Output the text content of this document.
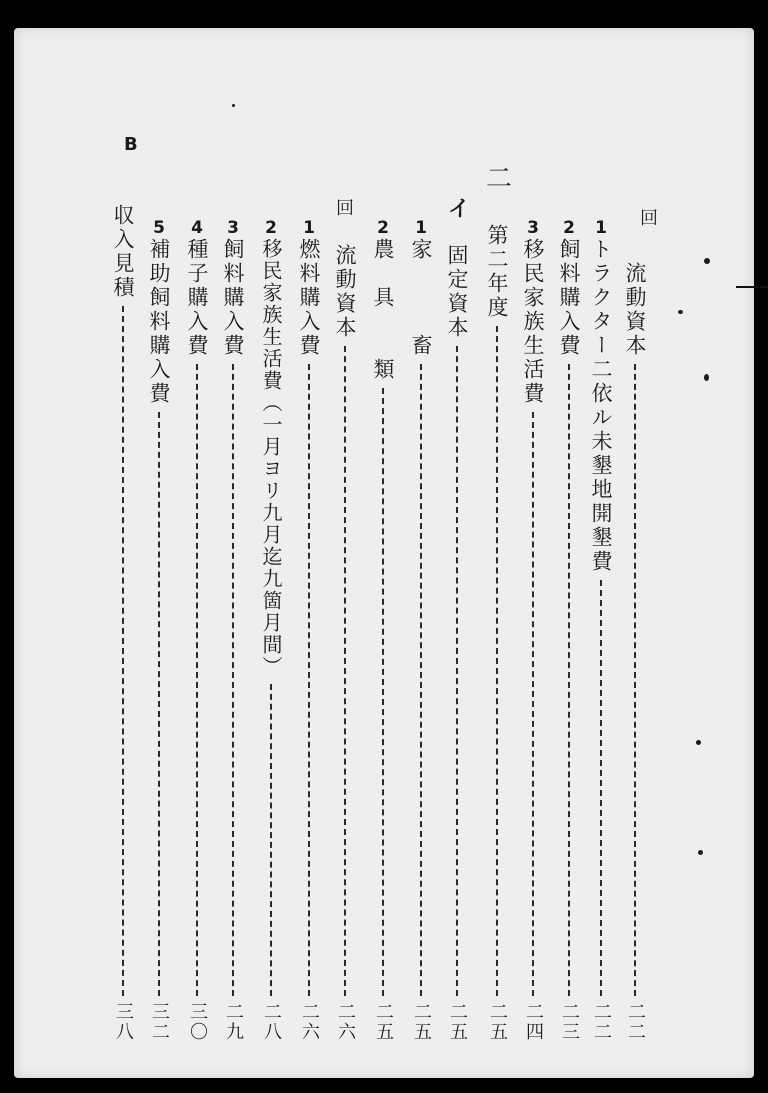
B
回
二
イ
回
流動資本
二二
1
トラクター二依ル未墾地開墾費
二二
2
飼料購入費
二三
3
移民家族生活費
二四
第二年度
二五
固定資本
二五
1
家　　　畜
二五
2
農　具　　類
二五
流動資本
二六
1
燃料購入費
二六
2
移民家族生活費（一月ヨリ九月迄九箇月間）
二八
3
飼料購入費
二九
4
種子購入費
三〇
5
補助飼料購入費
三二
収入見積
三八
